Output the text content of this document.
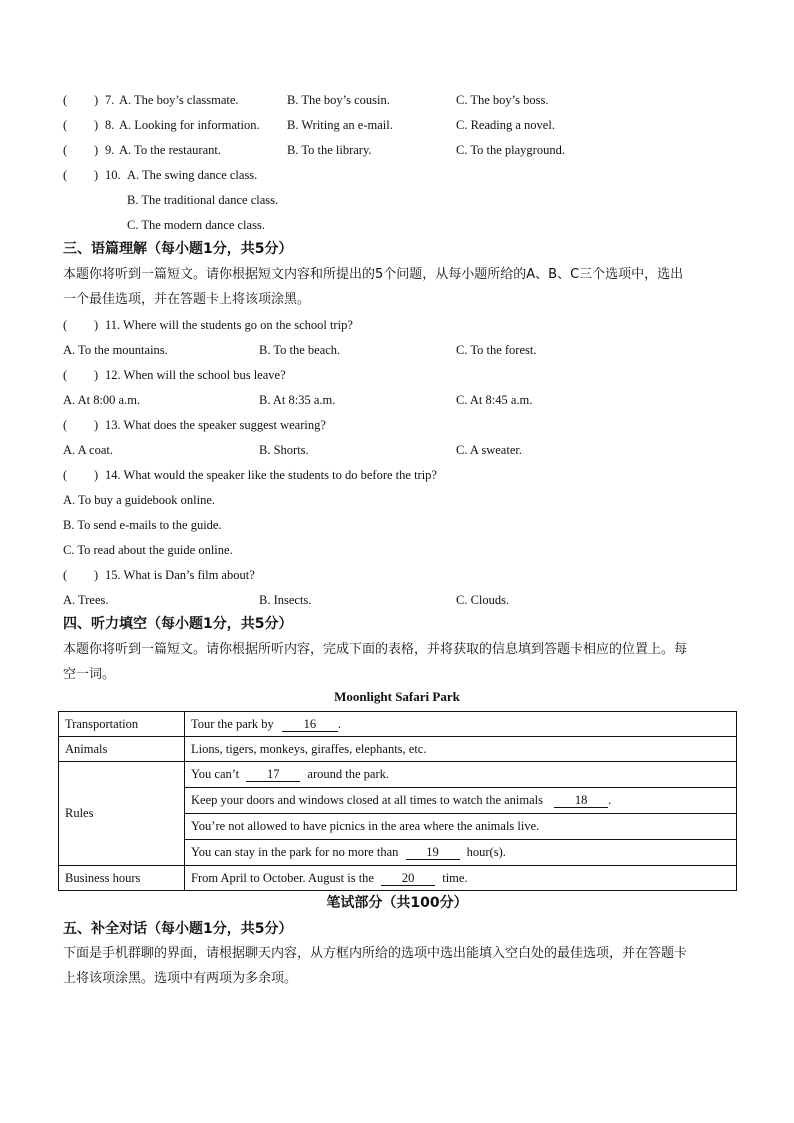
( ) 7. A. The boy’s classmate.	B. The boy’s cousin.	C. The boy’s boss.
( ) 8. A. Looking for information. B. Writing an e-mail.	C. Reading a novel.
( ) 9. A. To the restaurant.	B. To the library.	C. To the playground.
( ) 10. A. The swing dance class.
B. The traditional dance class.
C. The modern dance class.
三、语篇理解（每小题1分，共5分）
本题你将听到一篇短文。请你根据短文内容和所提出的5个问题，从每小题所给的A、B、C三个选项中，选出
一个最佳选项，并在答题卡上将该项涂黑。
( ) 11. Where will the students go on the school trip?
A. To the mountains.	B. To the beach.	C. To the forest.
( ) 12. When will the school bus leave?
A. At 8:00 a.m.	B. At 8:35 a.m.	C. At 8:45 a.m.
( ) 13. What does the speaker suggest wearing?
A. A coat.	B. Shorts.	C. A sweater.
( ) 14. What would the speaker like the students to do before the trip?
A. To buy a guidebook online.
B. To send e-mails to the guide.
C. To read about the guide online.
( ) 15. What is Dan’s film about?
A. Trees.	B. Insects.	C. Clouds.
四、听力填空（每小题1分，共5分）
本题你将听到一篇短文。请你根据所听内容，完成下面的表格，并将获取的信息填到答题卡相应的位置上。每
空一词。
Moonlight Safari Park
Transportation	Tour the park by 16 .
Animals	Lions, tigers, monkeys, giraffes, elephants, etc.
Rules	You can’t 17 around the park.
	Keep your doors and windows closed at all times to watch the animals 18 .
	You’re not allowed to have picnics in the area where the animals live.
	You can stay in the park for no more than 19 hour(s).
Business hours	From April to October. August is the 20 time.
笔试部分（共100分）
五、补全对话（每小题1分，共5分）
下面是手机群聊的界面，请根据聊天内容，从方框内所给的选项中选出能填入空白处的最佳选项，并在答题卡
上将该项涂黑。选项中有两项为多余项。
